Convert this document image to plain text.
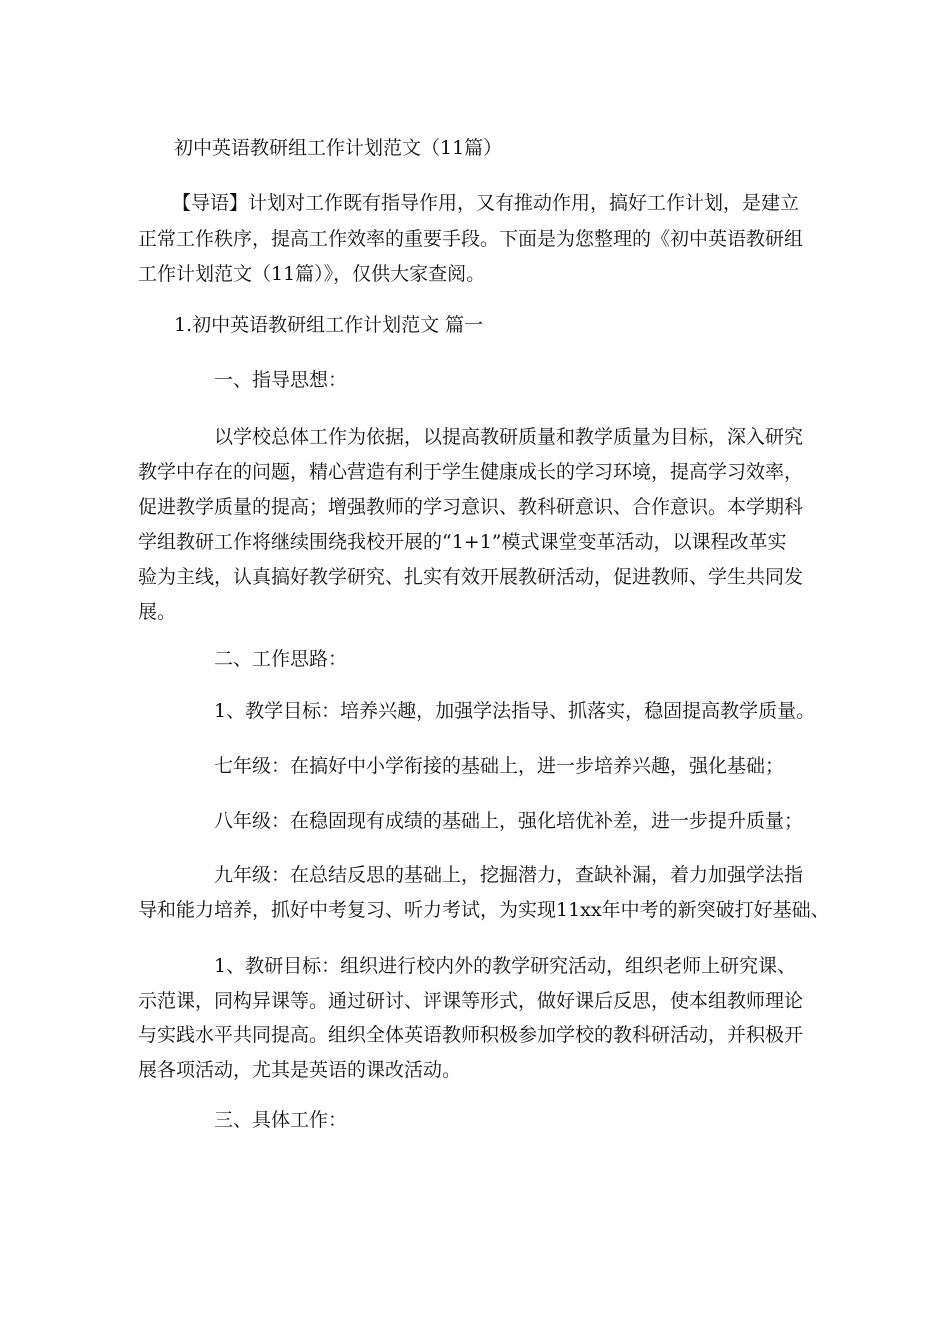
初中英语教研组工作计划范文（11篇）

【导语】计划对工作既有指导作用，又有推动作用，搞好工作计划，是建立

正常工作秩序，提高工作效率的重要手段。下面是为您整理的《初中英语教研组

工作计划范文（11篇）》，仅供大家查阅。

1.初中英语教研组工作计划范文 篇一

一、指导思想：

以学校总体工作为依据，以提高教研质量和教学质量为目标，深入研究

教学中存在的问题，精心营造有利于学生健康成长的学习环境，提高学习效率，

促进教学质量的提高；增强教师的学习意识、教科研意识、合作意识。本学期科

学组教研工作将继续围绕我校开展的“1+1”模式课堂变革活动，以课程改革实

验为主线，认真搞好教学研究、扎实有效开展教研活动，促进教师、学生共同发

展。

二、工作思路：

1、教学目标：培养兴趣，加强学法指导、抓落实，稳固提高教学质量。

七年级：在搞好中小学衔接的基础上，进一步培养兴趣，强化基础；

八年级：在稳固现有成绩的基础上，强化培优补差，进一步提升质量；

九年级：在总结反思的基础上，挖掘潜力，查缺补漏，着力加强学法指

导和能力培养，抓好中考复习、听力考试，为实现11xx年中考的新突破打好基础、

1、教研目标：组织进行校内外的教学研究活动，组织老师上研究课、

示范课，同构异课等。通过研讨、评课等形式，做好课后反思，使本组教师理论

与实践水平共同提高。组织全体英语教师积极参加学校的教科研活动，并积极开

展各项活动，尤其是英语的课改活动。

三、具体工作：
